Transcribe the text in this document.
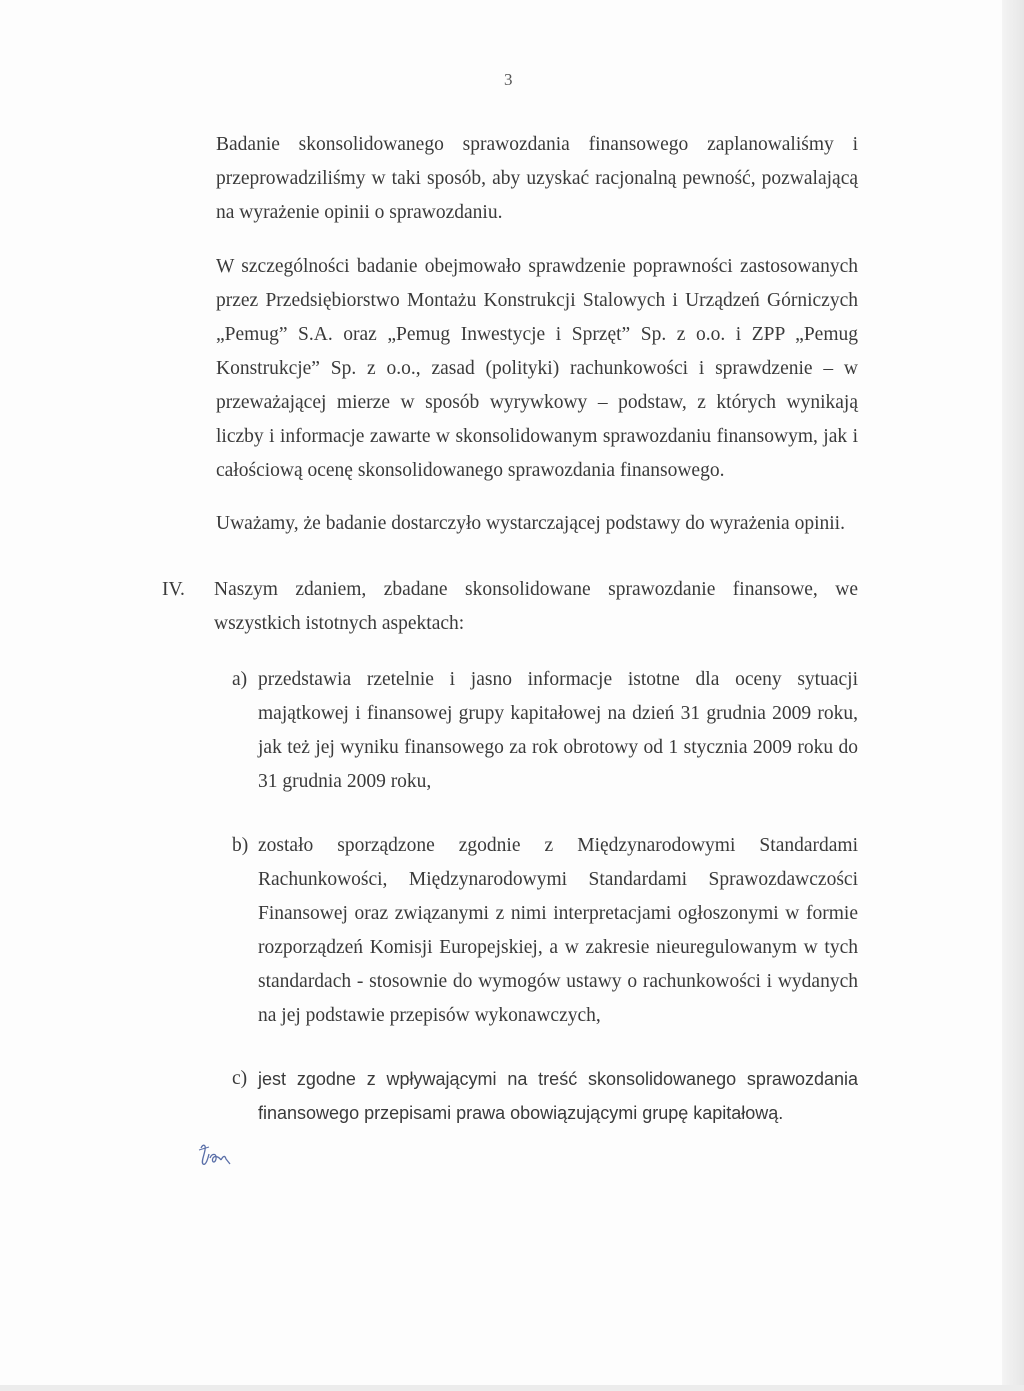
3

Badanie skonsolidowanego sprawozdania finansowego zaplanowaliśmy i przeprowadziliśmy w taki sposób, aby uzyskać racjonalną pewność, pozwalającą na wyrażenie opinii o sprawozdaniu.

W szczególności badanie obejmowało sprawdzenie poprawności zastosowanych przez Przedsiębiorstwo Montażu Konstrukcji Stalowych i Urządzeń Górniczych „Pemug” S.A. oraz „Pemug Inwestycje i Sprzęt” Sp. z o.o. i ZPP „Pemug Konstrukcje” Sp. z o.o., zasad (polityki) rachunkowości i sprawdzenie – w przeważającej mierze w sposób wyrywkowy – podstaw, z których wynikają liczby i informacje zawarte w skonsolidowanym sprawozdaniu finansowym, jak i całościową ocenę skonsolidowanego sprawozdania finansowego.

Uważamy, że badanie dostarczyło wystarczającej podstawy do wyrażenia opinii.

IV. Naszym zdaniem, zbadane skonsolidowane sprawozdanie finansowe, we wszystkich istotnych aspektach:

a) przedstawia rzetelnie i jasno informacje istotne dla oceny sytuacji majątkowej i finansowej grupy kapitałowej na dzień 31 grudnia 2009 roku, jak też jej wyniku finansowego za rok obrotowy od 1 stycznia 2009 roku do 31 grudnia 2009 roku,

b) zostało sporządzone zgodnie z Międzynarodowymi Standardami Rachunkowości, Międzynarodowymi Standardami Sprawozdawczości Finansowej oraz związanymi z nimi interpretacjami ogłoszonymi w formie rozporządzeń Komisji Europejskiej, a w zakresie nieuregulowanym w tych standardach - stosownie do wymogów ustawy o rachunkowości i wydanych na jej podstawie przepisów wykonawczych,

c) jest zgodne z wpływającymi na treść skonsolidowanego sprawozdania finansowego przepisami prawa obowiązującymi grupę kapitałową.
